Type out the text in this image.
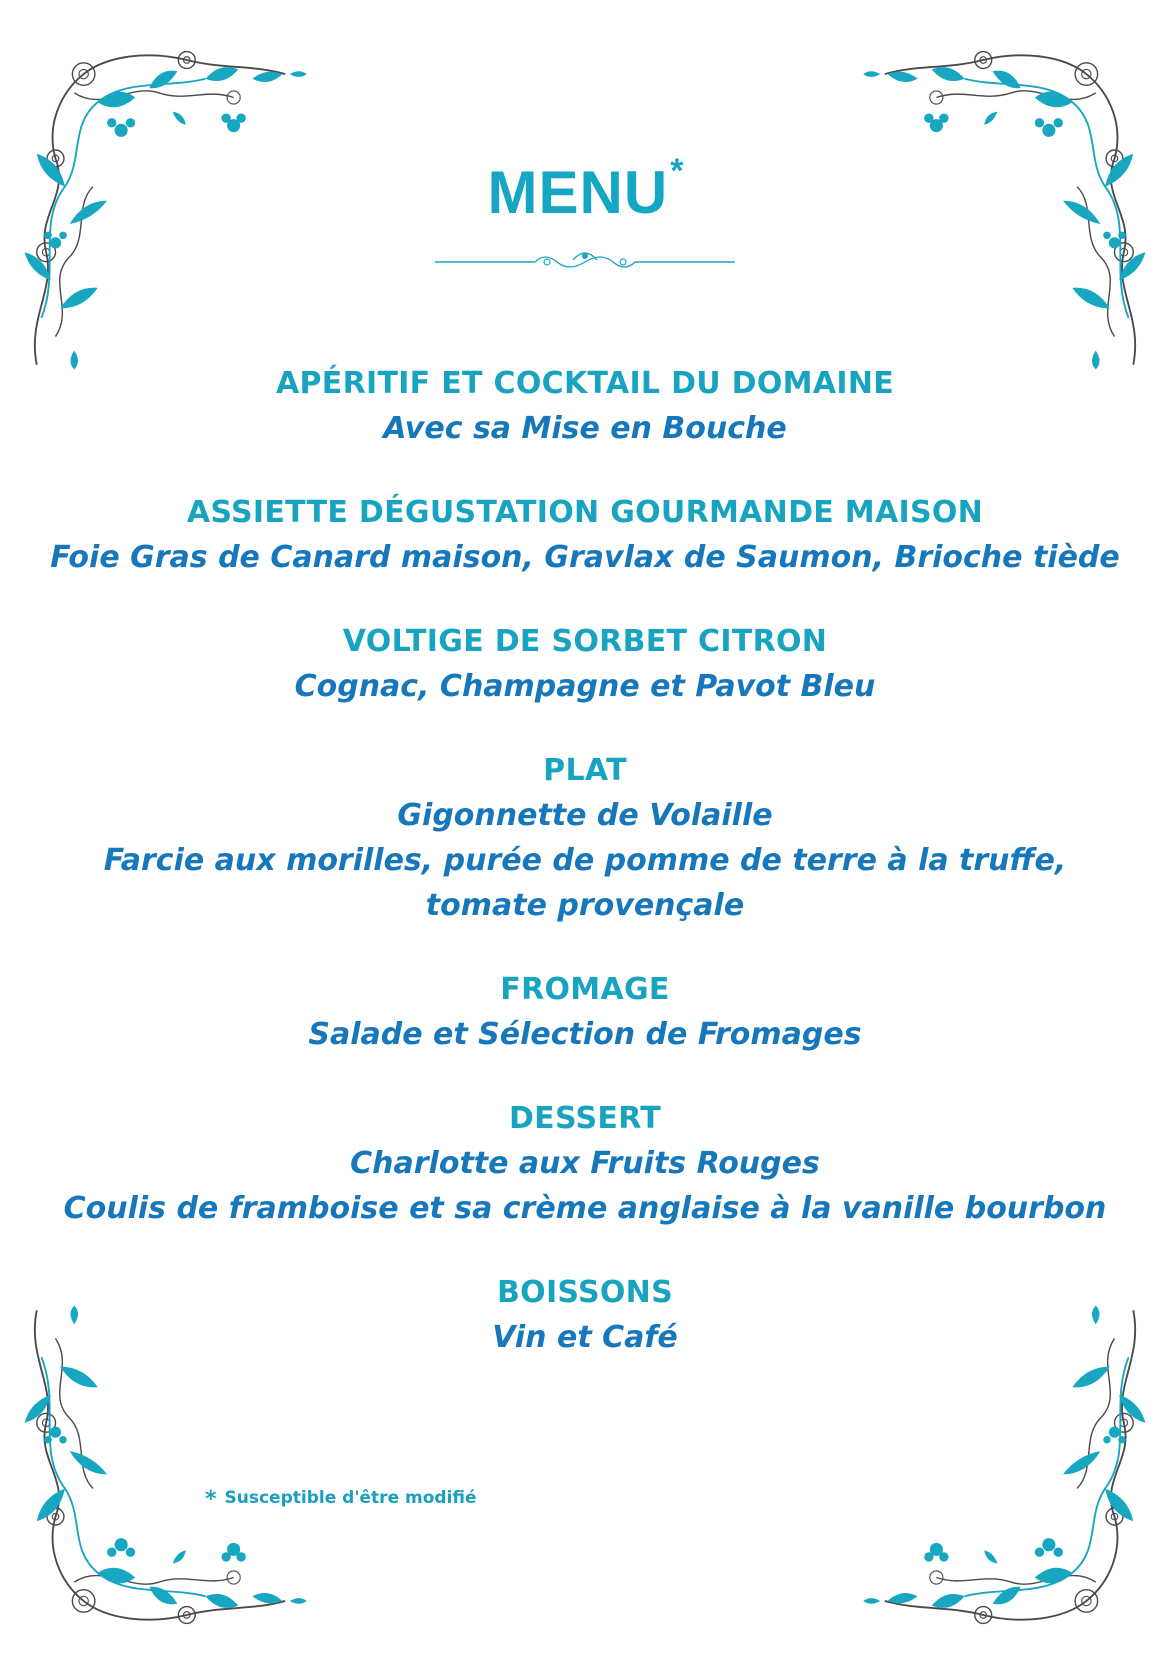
MENU*
APÉRITIF ET COCKTAIL DU DOMAINE
Avec sa Mise en Bouche
ASSIETTE DÉGUSTATION GOURMANDE MAISON
Foie Gras de Canard maison, Gravlax de Saumon, Brioche tiède
VOLTIGE DE SORBET CITRON
Cognac, Champagne et Pavot Bleu
PLAT
Gigonnette de Volaille
Farcie aux morilles, purée de pomme de terre à la truffe,
tomate provençale
FROMAGE
Salade et Sélection de Fromages
DESSERT
Charlotte aux Fruits Rouges
Coulis de framboise et sa crème anglaise à la vanille bourbon
BOISSONS
Vin et Café
* Susceptible d'être modifié
